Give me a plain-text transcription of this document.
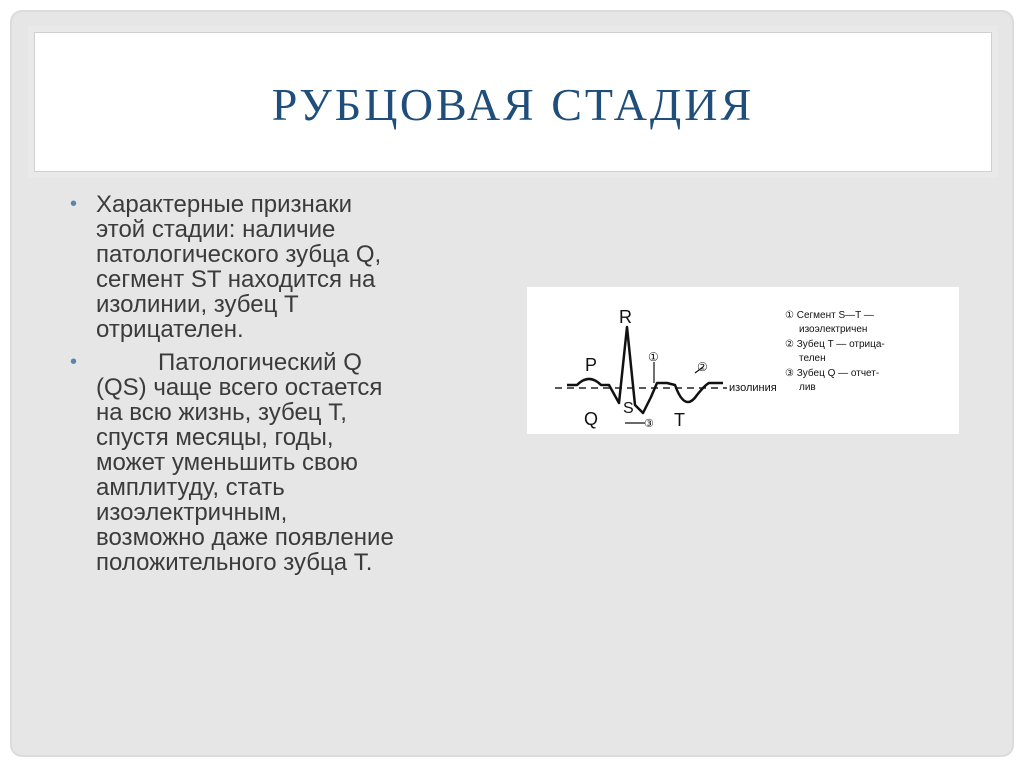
РУБЦОВАЯ СТАДИЯ
• Характерные признаки
этой стадии: наличие
патологического зубца Q,
сегмент ST находится на
изолинии, зубец T
отрицателен.
•	Патологический Q
(QS) чаще всего остается
на всю жизнь, зубец T,
спустя месяцы, годы,
может уменьшить свою
амплитуду, стать
изоэлектричным,
возможно даже появление
положительного зубца Т.
P
Q
R
S
T
①
②
③
изолиния
① Сегмент S—T —
изоэлектричен
② Зубец T — отрица-
телен
③ Зубец Q — отчет-
лив
